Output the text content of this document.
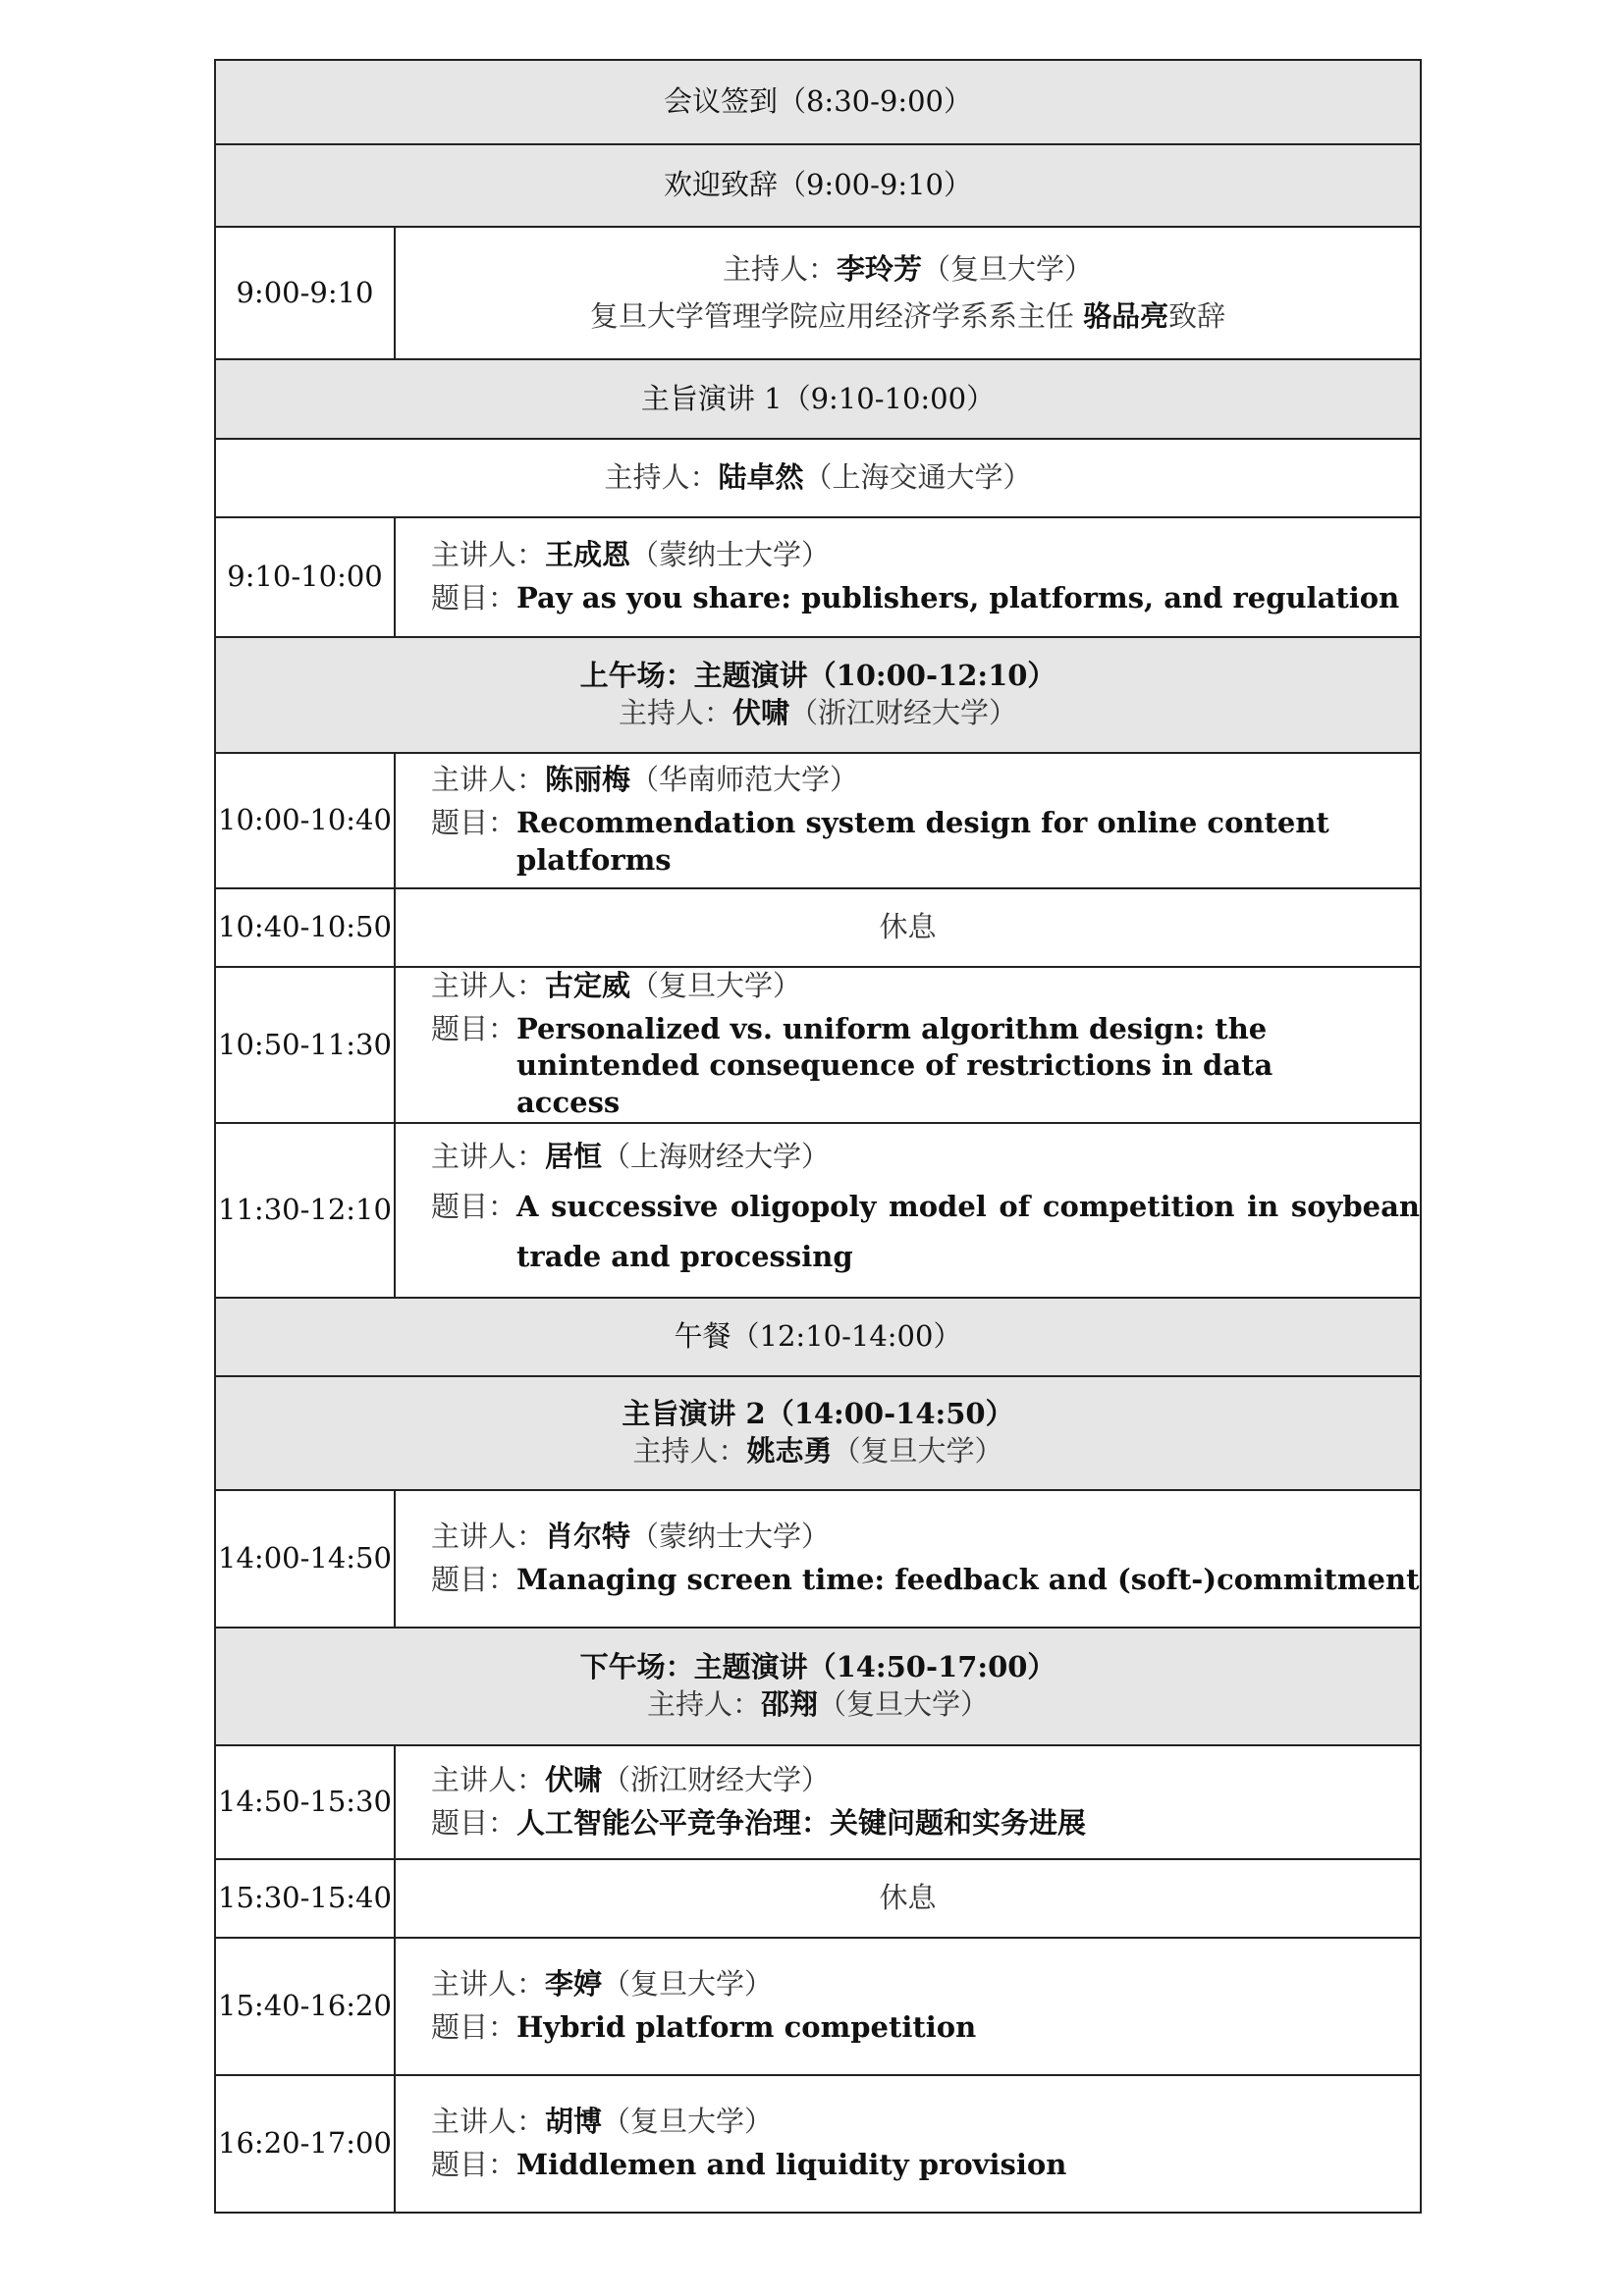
会议签到（8:30-9:00）	
欢迎致辞（9:00-9:10）	
9:00-9:10	主持人：李玲芳（复旦大学）
复旦大学管理学院应用经济学系系主任 骆品亮致辞

主旨演讲 1（9:10-10:00）	
主持人：陆卓然（上海交通大学）	
9:10-10:00	主讲人：王成恩（蒙纳士大学）
题目： Pay as you share: publishers, platforms, and regulation

上午场：主题演讲（10:00-12:10）
主持人：伏啸（浙江财经大学）	

10:00-10:40	主讲人：陈丽梅（华南师范大学）
题目： Recommendation system design for online content platforms

10:40-10:50	休息
10:50-11:30	主讲人：古定威（复旦大学）
题目： Personalized vs. uniform algorithm design: the unintended consequence of restrictions in data access

11:30-12:10	主讲人：居恒（上海财经大学）
题目： A successive oligopoly model of competition in soybean trade and processing

午餐（12:10-14:00）	

主旨演讲 2（14:00-14:50）
主持人：姚志勇（复旦大学）	

14:00-14:50	主讲人：肖尔特（蒙纳士大学）
题目： Managing screen time: feedback and (soft-)commitment

下午场：主题演讲（14:50-17:00）
主持人：邵翔（复旦大学）	

14:50-15:30	主讲人：伏啸（浙江财经大学）
题目： 人工智能公平竞争治理：关键问题和实务进展

15:30-15:40	休息
15:40-16:20	主讲人：李婷（复旦大学）
题目： Hybrid platform competition

16:20-17:00	主讲人：胡博（复旦大学）
题目： Middlemen and liquidity provision
